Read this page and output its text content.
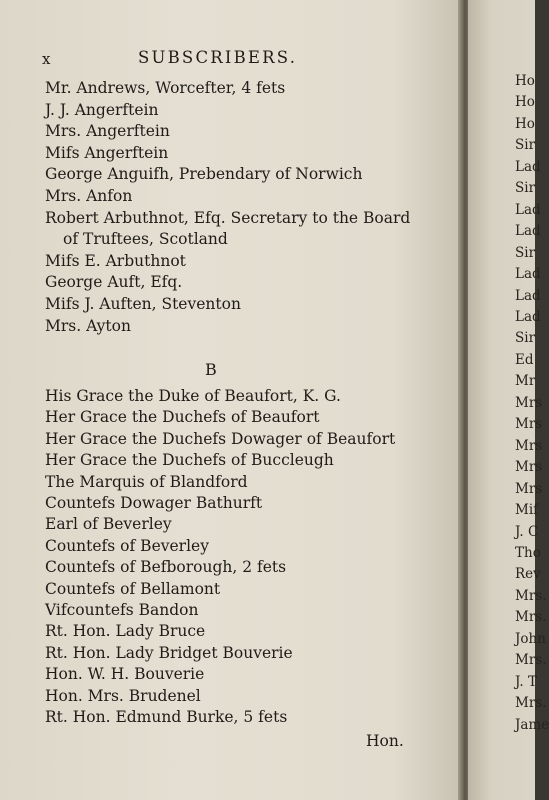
x	SUBSCRIBERS.
Mr. Andrews, Worcefter, 4 fets
J. J. Angerftein
Mrs. Angerftein
Mifs Angerftein
George Anguifh, Prebendary of Norwich
Mrs. Anfon
Robert Arbuthnot, Efq. Secretary to the Board
of Truftees, Scotland
Mifs E. Arbuthnot
George Auft, Efq.
Mifs J. Auften, Steventon
Mrs. Ayton
B
His Grace the Duke of Beaufort, K. G.
Her Grace the Duchefs of Beaufort
Her Grace the Duchefs Dowager of Beaufort
Her Grace the Duchefs of Buccleugh
The Marquis of Blandford
Countefs Dowager Bathurft
Earl of Beverley
Countefs of Beverley
Countefs of Befborough, 2 fets
Countefs of Bellamont
Vifcountefs Bandon
Rt. Hon. Lady Bruce
Rt. Hon. Lady Bridget Bouverie
Hon. W. H. Bouverie
Hon. Mrs. Brudenel
Rt. Hon. Edmund Burke, 5 fets
Hon.
Ho
Ho
Ho
Sir
Lad
Sir
Lad
Lad
Sir
Lad
Lad
Lad
Sir
Ed
Mr
Mrs
Mrs
Mrs
Mrs
Mrs
Mif
J. C
Tho
Rev
Mrs.
Mrs.
John
Mrs.
J. T
Mrs.
Jame
